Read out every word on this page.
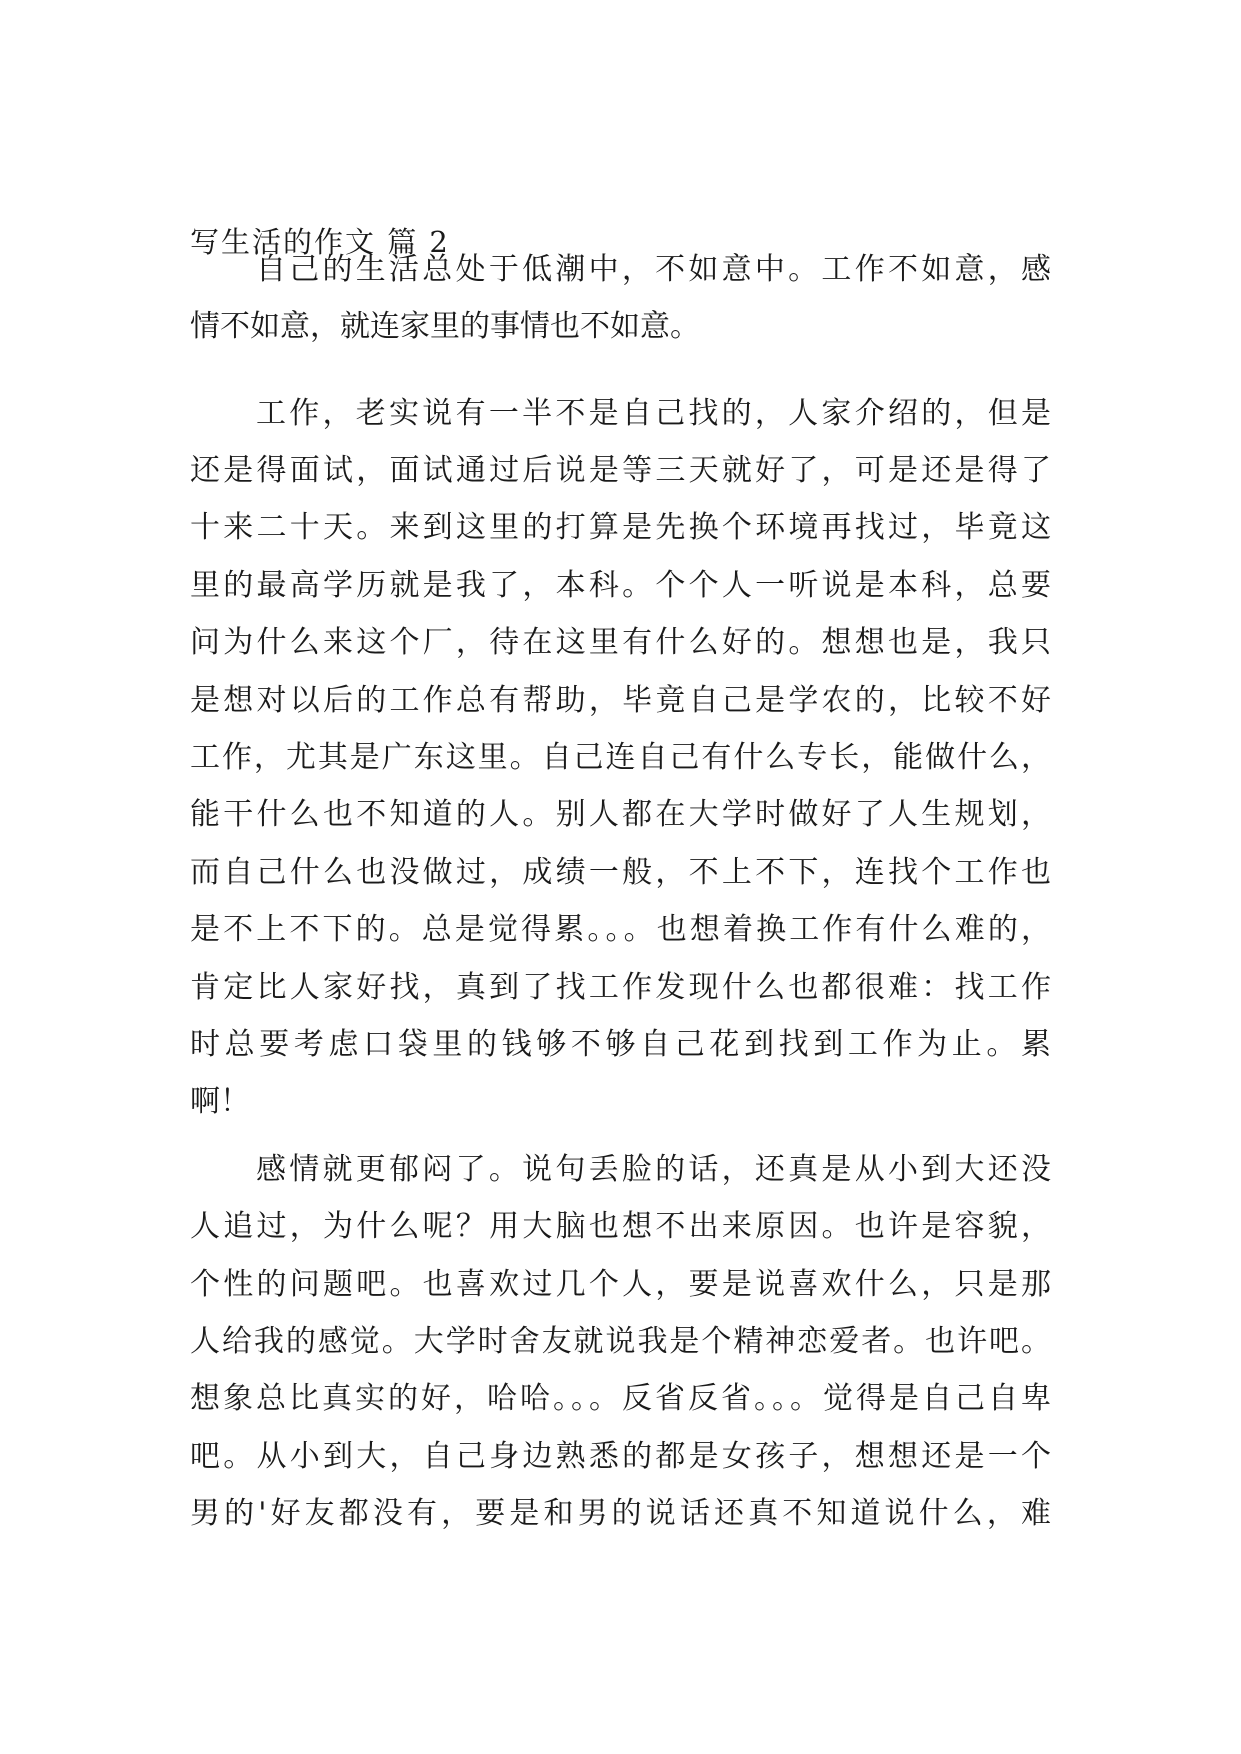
写生活的作文 篇 2
自己的生活总处于低潮中，不如意中。工作不如意，感
情不如意，就连家里的事情也不如意。
工作，老实说有一半不是自己找的，人家介绍的，但是
还是得面试，面试通过后说是等三天就好了，可是还是得了
十来二十天。来到这里的打算是先换个环境再找过，毕竟这
里的最高学历就是我了，本科。个个人一听说是本科，总要
问为什么来这个厂，待在这里有什么好的。想想也是，我只
是想对以后的工作总有帮助，毕竟自己是学农的，比较不好
工作，尤其是广东这里。自己连自己有什么专长，能做什么，
能干什么也不知道的人。别人都在大学时做好了人生规划，
而自己什么也没做过，成绩一般，不上不下，连找个工作也
是不上不下的。总是觉得累。。。也想着换工作有什么难的，
肯定比人家好找，真到了找工作发现什么也都很难：找工作
时总要考虑口袋里的钱够不够自己花到找到工作为止。累
啊！
感情就更郁闷了。说句丢脸的话，还真是从小到大还没
人追过，为什么呢？用大脑也想不出来原因。也许是容貌，
个性的问题吧。也喜欢过几个人，要是说喜欢什么，只是那
人给我的感觉。大学时舍友就说我是个精神恋爱者。也许吧。
想象总比真实的好，哈哈。。。反省反省。。。觉得是自己自卑
吧。从小到大，自己身边熟悉的都是女孩子，想想还是一个
男的'好友都没有，要是和男的说话还真不知道说什么，难
